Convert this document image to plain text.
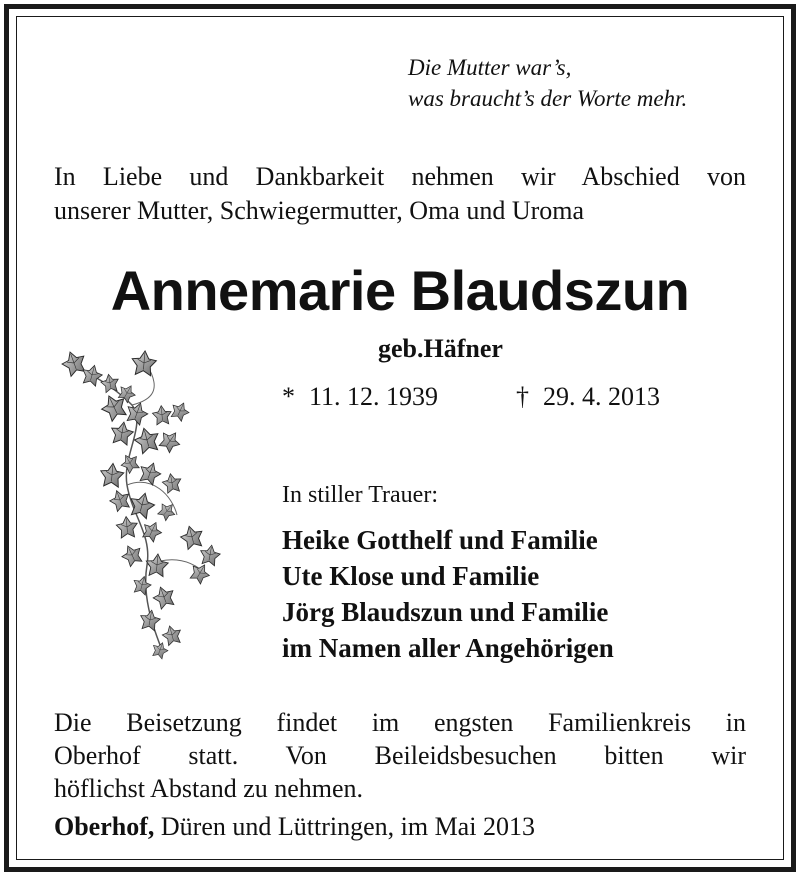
Die Mutter war’s,
was braucht’s der Worte mehr.
In Liebe und Dankbarkeit nehmen wir Abschied von
unserer Mutter, Schwiegermutter, Oma und Uroma
Annemarie Blaudszun
geb.Häfner
* 11. 12. 1939	† 29. 4. 2013
In stiller Trauer:
Heike Gotthelf und Familie
Ute Klose und Familie
Jörg Blaudszun und Familie
im Namen aller Angehörigen
Die Beisetzung findet im engsten Familienkreis in
Oberhof statt. Von Beileidsbesuchen bitten wir
höflichst Abstand zu nehmen.
Oberhof, Düren und Lüttringen, im Mai 2013
